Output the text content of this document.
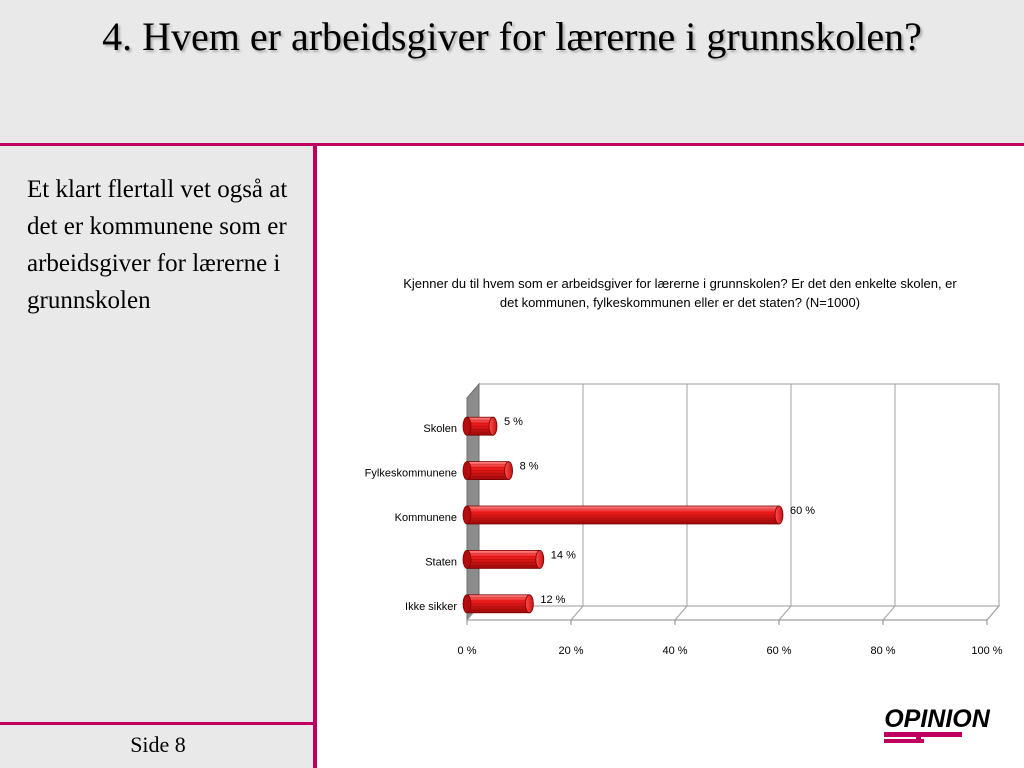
4. Hvem er arbeidsgiver for lærerne i grunnskolen?
Et klart flertall vet også at det er kommunene som er arbeidsgiver for lærerne i grunnskolen
Side 8
Kjenner du til hvem som er arbeidsgiver for lærerne i grunnskolen? Er det den enkelte skolen, er det kommunen, fylkeskommunen eller er det staten? (N=1000)
0 %	20 %	40 %	60 %	80 %	100 %
5 %
Skolen
8 %
Fylkeskommunene
60 %
Kommunene
14 %
Staten
12 %
Ikke sikker
OPINION
